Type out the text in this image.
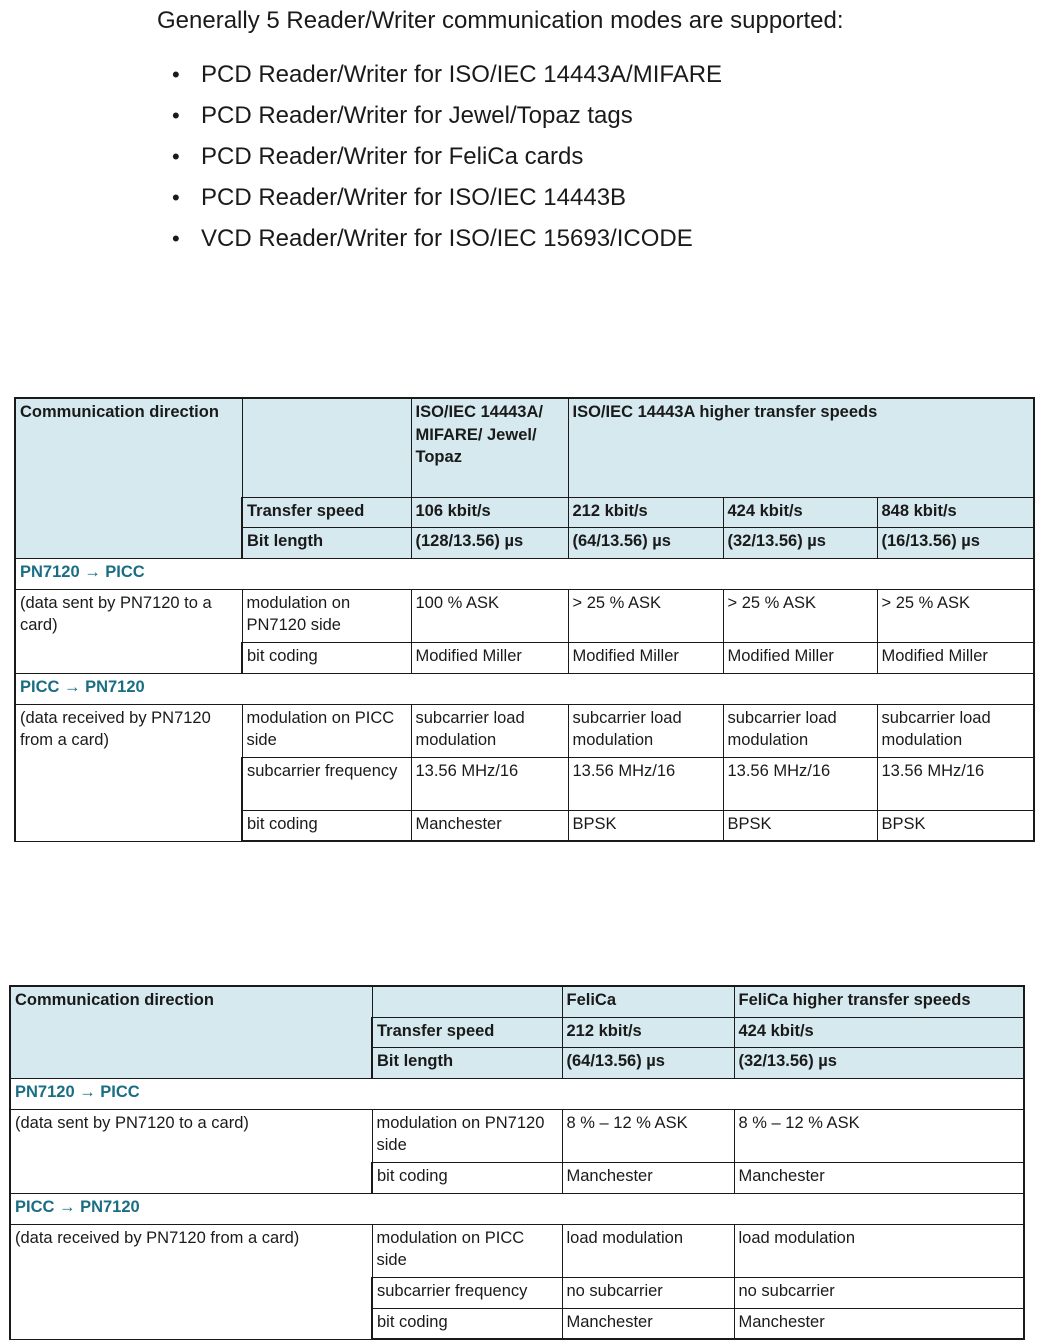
Generally 5 Reader/Writer communication modes are supported:
• PCD Reader/Writer for ISO/IEC 14443A/MIFARE
• PCD Reader/Writer for Jewel/Topaz tags
• PCD Reader/Writer for FeliCa cards
• PCD Reader/Writer for ISO/IEC 14443B
• VCD Reader/Writer for ISO/IEC 15693/ICODE
Communication direction		ISO/IEC 14443A/ MIFARE/ Jewel/ Topaz	ISO/IEC 14443A higher transfer speeds		
	Transfer speed	106 kbit/s	212 kbit/s	424 kbit/s	848 kbit/s
	Bit length	(128/13.56) µs	(64/13.56) µs	(32/13.56) µs	(16/13.56) µs
PN7120 → PICC					
(data sent by PN7120 to a card)	modulation on PN7120 side	100 % ASK	> 25 % ASK	> 25 % ASK	> 25 % ASK
	bit coding	Modified Miller	Modified Miller	Modified Miller	Modified Miller
PICC → PN7120					
(data received by PN7120 from a card)	modulation on PICC side	subcarrier load modulation	subcarrier load modulation	subcarrier load modulation	subcarrier load modulation
	subcarrier frequency	13.56 MHz/16	13.56 MHz/16	13.56 MHz/16	13.56 MHz/16
	bit coding	Manchester	BPSK	BPSK	BPSK
Communication direction		FeliCa	FeliCa higher transfer speeds
	Transfer speed	212 kbit/s	424 kbit/s
	Bit length	(64/13.56) µs	(32/13.56) µs
PN7120 → PICC			
(data sent by PN7120 to a card)	modulation on PN7120 side	8 % – 12 % ASK	8 % – 12 % ASK
	bit coding	Manchester	Manchester
PICC → PN7120			
(data received by PN7120 from a card)	modulation on PICC side	load modulation	load modulation
	subcarrier frequency	no subcarrier	no subcarrier
	bit coding	Manchester	Manchester
